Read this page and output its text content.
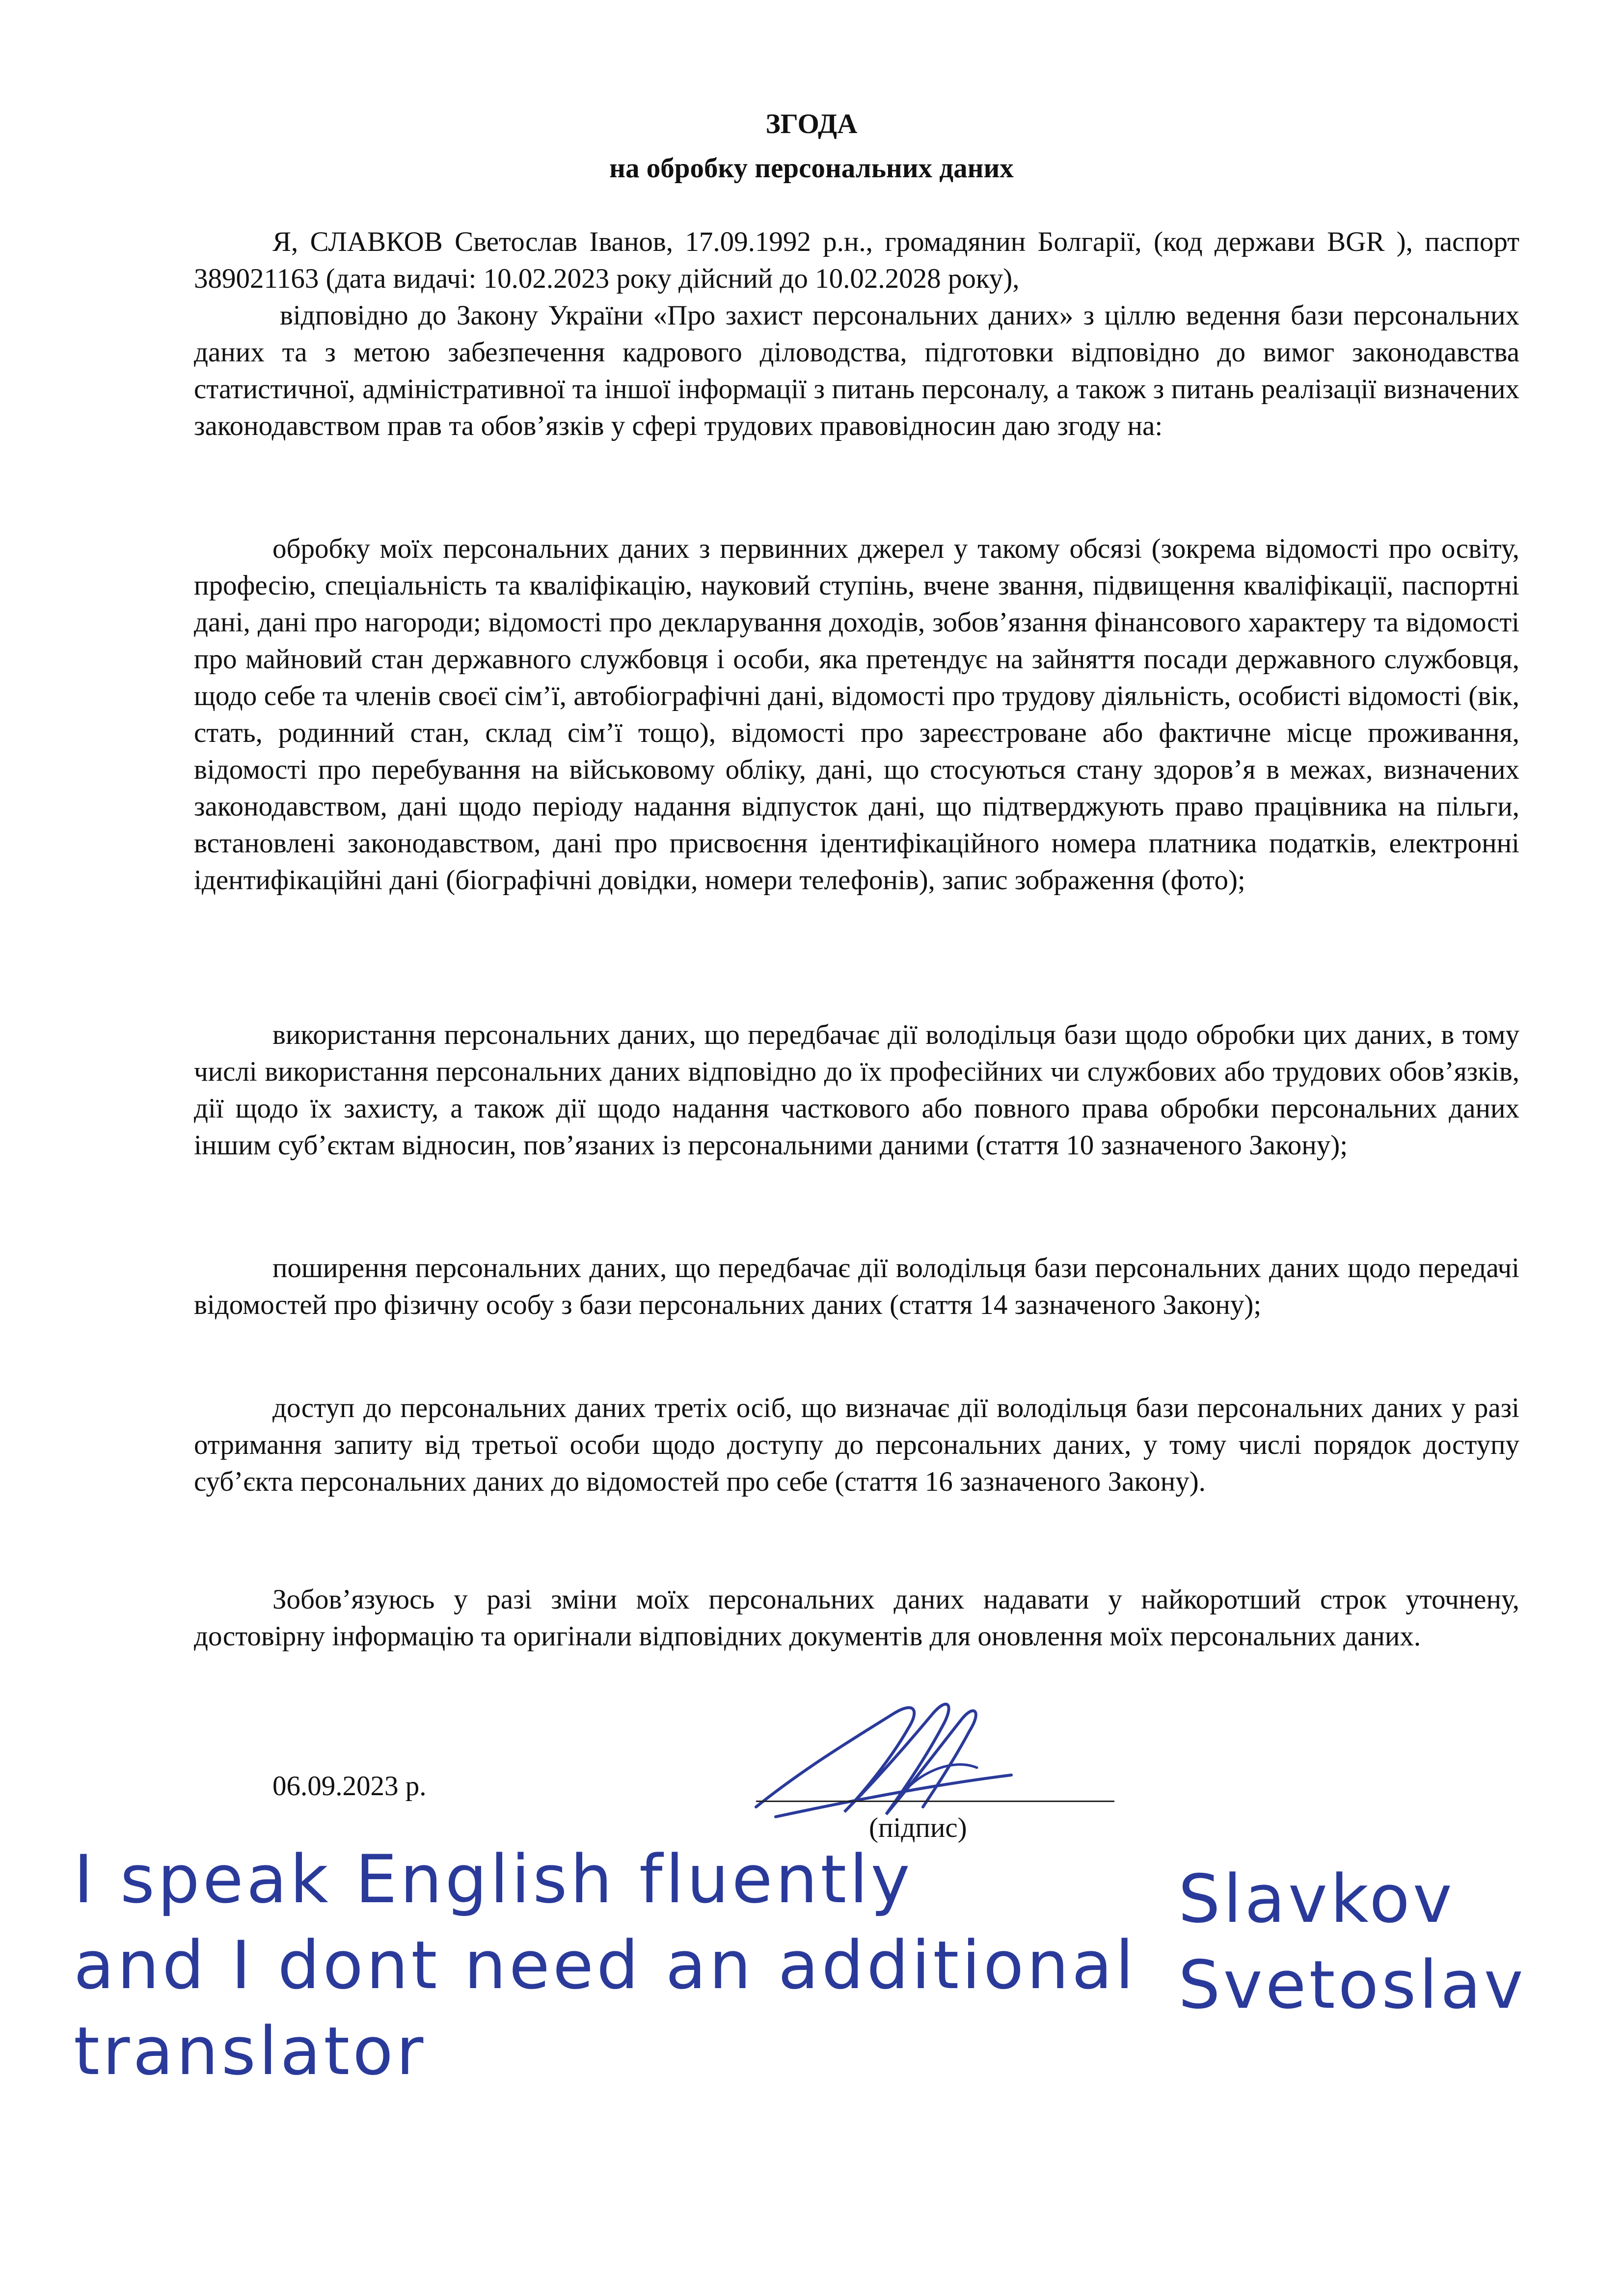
ЗГОДА
на обробку персональних даних

Я, СЛАВКОВ Светослав Іванов, 17.09.1992 р.н., громадянин Болгарії, (код держави BGR ), паспорт 389021163 (дата видачі: 10.02.2023 року дійсний до 10.02.2028 року),

відповідно до Закону України «Про захист персональних даних» з ціллю ведення бази персональних даних та з метою забезпечення кадрового діловодства, підготовки відповідно до вимог законодавства статистичної, адміністративної та іншої інформації з питань персоналу, а також з питань реалізації визначених законодавством прав та обов’язків у сфері трудових правовідносин даю згоду на:

обробку моїх персональних даних з первинних джерел у такому обсязі (зокрема відомості про освіту, професію, спеціальність та кваліфікацію, науковий ступінь, вчене звання, підвищення кваліфікації, паспортні дані, дані про нагороди; відомості про декларування доходів, зобов’язання фінансового характеру та відомості про майновий стан державного службовця і особи, яка претендує на зайняття посади державного службовця, щодо себе та членів своєї сім’ї, автобіографічні дані, відомості про трудову діяльність, особисті відомості (вік, стать, родинний стан, склад сім’ї тощо), відомості про зареєстроване або фактичне місце проживання, відомості про перебування на військовому обліку, дані, що стосуються стану здоров’я в межах, визначених законодавством, дані щодо періоду надання відпусток дані, що підтверджують право працівника на пільги, встановлені законодавством, дані про присвоєння ідентифікаційного номера платника податків, електронні ідентифікаційні дані (біографічні довідки, номери телефонів), запис зображення (фото);

використання персональних даних, що передбачає дії володільця бази щодо обробки цих даних, в тому числі використання персональних даних відповідно до їх професійних чи службових або трудових обов’язків, дії щодо їх захисту, а також дії щодо надання часткового або повного права обробки персональних даних іншим суб’єктам відносин, пов’язаних із персональними даними (стаття 10 зазначеного Закону);

поширення персональних даних, що передбачає дії володільця бази персональних даних щодо передачі відомостей про фізичну особу з бази персональних даних (стаття 14 зазначеного Закону);

доступ до персональних даних третіх осіб, що визначає дії володільця бази персональних даних у разі отримання запиту від третьої особи щодо доступу до персональних даних, у тому числі порядок доступу суб’єкта персональних даних до відомостей про себе (стаття 16 зазначеного Закону).

Зобов’язуюсь у разі зміни моїх персональних даних надавати у найкоротший строк уточнену, достовірну інформацію та оригінали відповідних документів для оновлення моїх персональних даних.

06.09.2023 р.

(підпис)

I speak English fluently
and I dont need an additional
translator

Slavkov
Svetoslav
